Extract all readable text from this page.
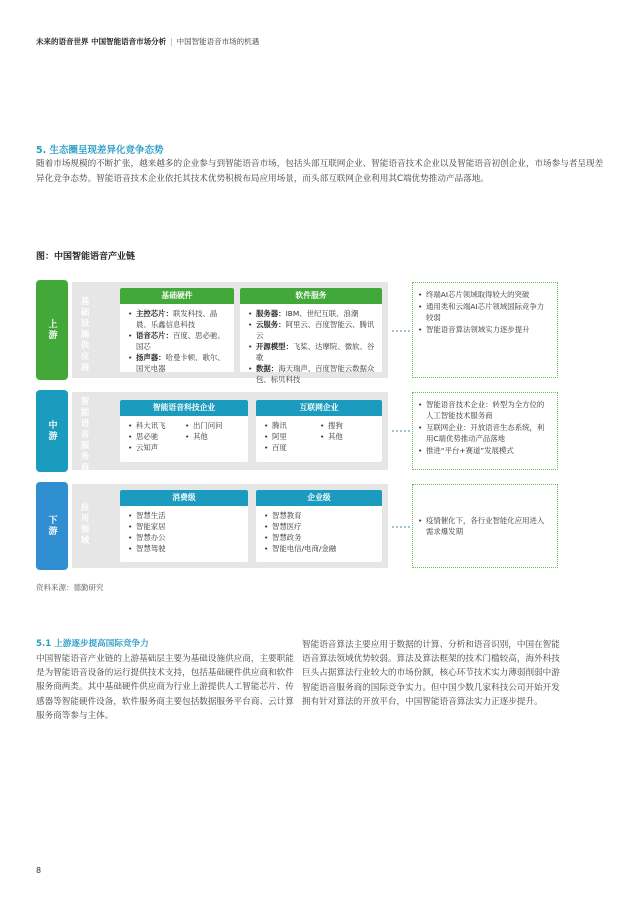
未来的语音世界 中国智能语音市场分析 | 中国智能语音市场的机遇
5. 生态圈呈现差异化竞争态势
随着市场规模的不断扩张，越来越多的企业参与到智能语音市场，包括头部互联网企业、智能语音技术企业以及智能语音初创企业，市场参与者呈现差异化竞争态势。智能语音技术企业依托其技术优势积极布局应用场景，而头部互联网企业利用其C端优势推动产品落地。
图：中国智能语音产业链
上游
基础设施供应商
基础硬件
• 主控芯片：联发科技、晶晨、乐鑫信息科技
• 语音芯片：百度、思必驰、国芯
• 扬声器：哈曼卡顿、歌尔、国光电器
软件服务
• 服务器：IBM、世纪互联、浪潮
• 云服务：阿里云、百度智能云、腾讯云
• 开源模型：飞桨、达摩院、微软、谷歌
• 数据：海天瑞声、百度智能云数据众包、标贝科技
• 终端AI芯片领域取得较大的突破
• 通用类和云端AI芯片领域国际竞争力较弱
• 智能语音算法领域实力逐步提升
中游
智能语音服务商
智能语音科技企业
• 科大讯飞	• 出门问问
• 思必驰	• 其他
• 云知声
互联网企业
• 腾讯	• 搜狗
• 阿里	• 其他
• 百度
• 智能语音技术企业：转型为全方位的人工智能技术服务商
• 互联网企业：开放语音生态系统，利用C端优势推动产品落地
• 推进“平台+赛道”发展模式
下游
应用领域
消费级
• 智慧生活
• 智能家居
• 智慧办公
• 智慧驾驶
企业级
• 智慧教育
• 智慧医疗
• 智慧政务
• 智能电信/电商/金融
• 疫情催化下，各行业智能化应用进入需求爆发期
资料来源：德勤研究
5.1 上游逐步提高国际竞争力
中国智能语音产业链的上游基础层主要为基础设施供应商，主要职能是为智能语音设备的运行提供技术支持，包括基础硬件供应商和软件服务商两类。其中基础硬件供应商为行业上游提供人工智能芯片、传感器等智能硬件设备，软件服务商主要包括数据服务平台商、云计算服务商等参与主体。
智能语音算法主要应用于数据的计算、分析和语音识别，中国在智能语音算法领域优势较弱。算法及算法框架的技术门槛较高，海外科技巨头占据算法行业较大的市场份额，核心环节技术实力薄弱削弱中游智能语音服务商的国际竞争实力。但中国少数几家科技公司开始开发拥有针对算法的开放平台，中国智能语音算法实力正逐步提升。
8
